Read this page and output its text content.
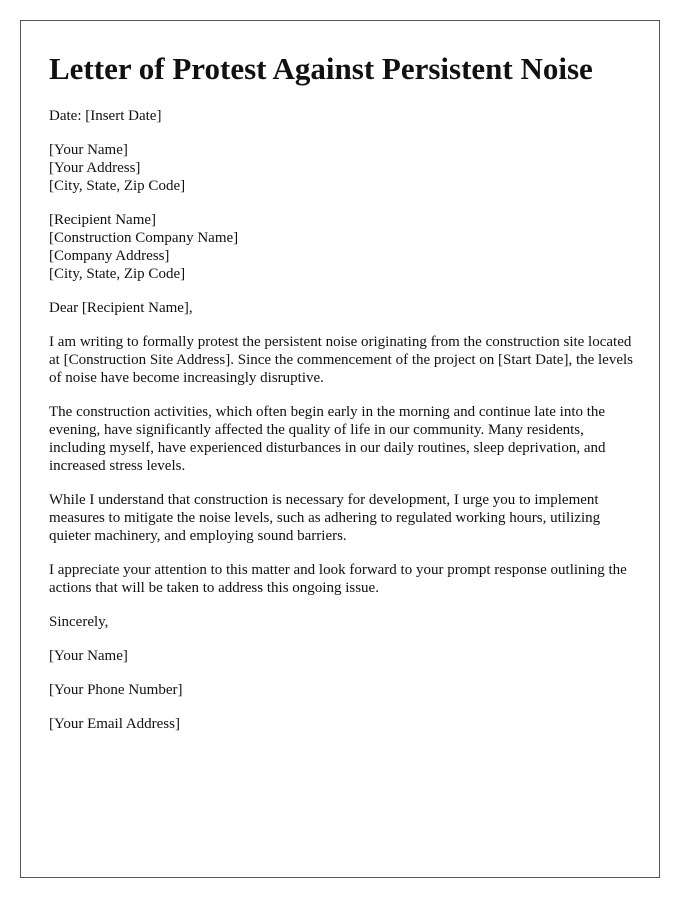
Letter of Protest Against Persistent Noise

Date: [Insert Date]

[Your Name]
[Your Address]
[City, State, Zip Code]
[Recipient Name]
[Construction Company Name]
[Company Address]
[City, State, Zip Code]

Dear [Recipient Name],

I am writing to formally protest the persistent noise originating from the construction site located at [Construction Site Address]. Since the commencement of the project on [Start Date], the levels of noise have become increasingly disruptive.

The construction activities, which often begin early in the morning and continue late into the evening, have significantly affected the quality of life in our community. Many residents, including myself, have experienced disturbances in our daily routines, sleep deprivation, and increased stress levels.

While I understand that construction is necessary for development, I urge you to implement measures to mitigate the noise levels, such as adhering to regulated working hours, utilizing quieter machinery, and employing sound barriers.

I appreciate your attention to this matter and look forward to your prompt response outlining the actions that will be taken to address this ongoing issue.

Sincerely,

[Your Name]

[Your Phone Number]

[Your Email Address]
